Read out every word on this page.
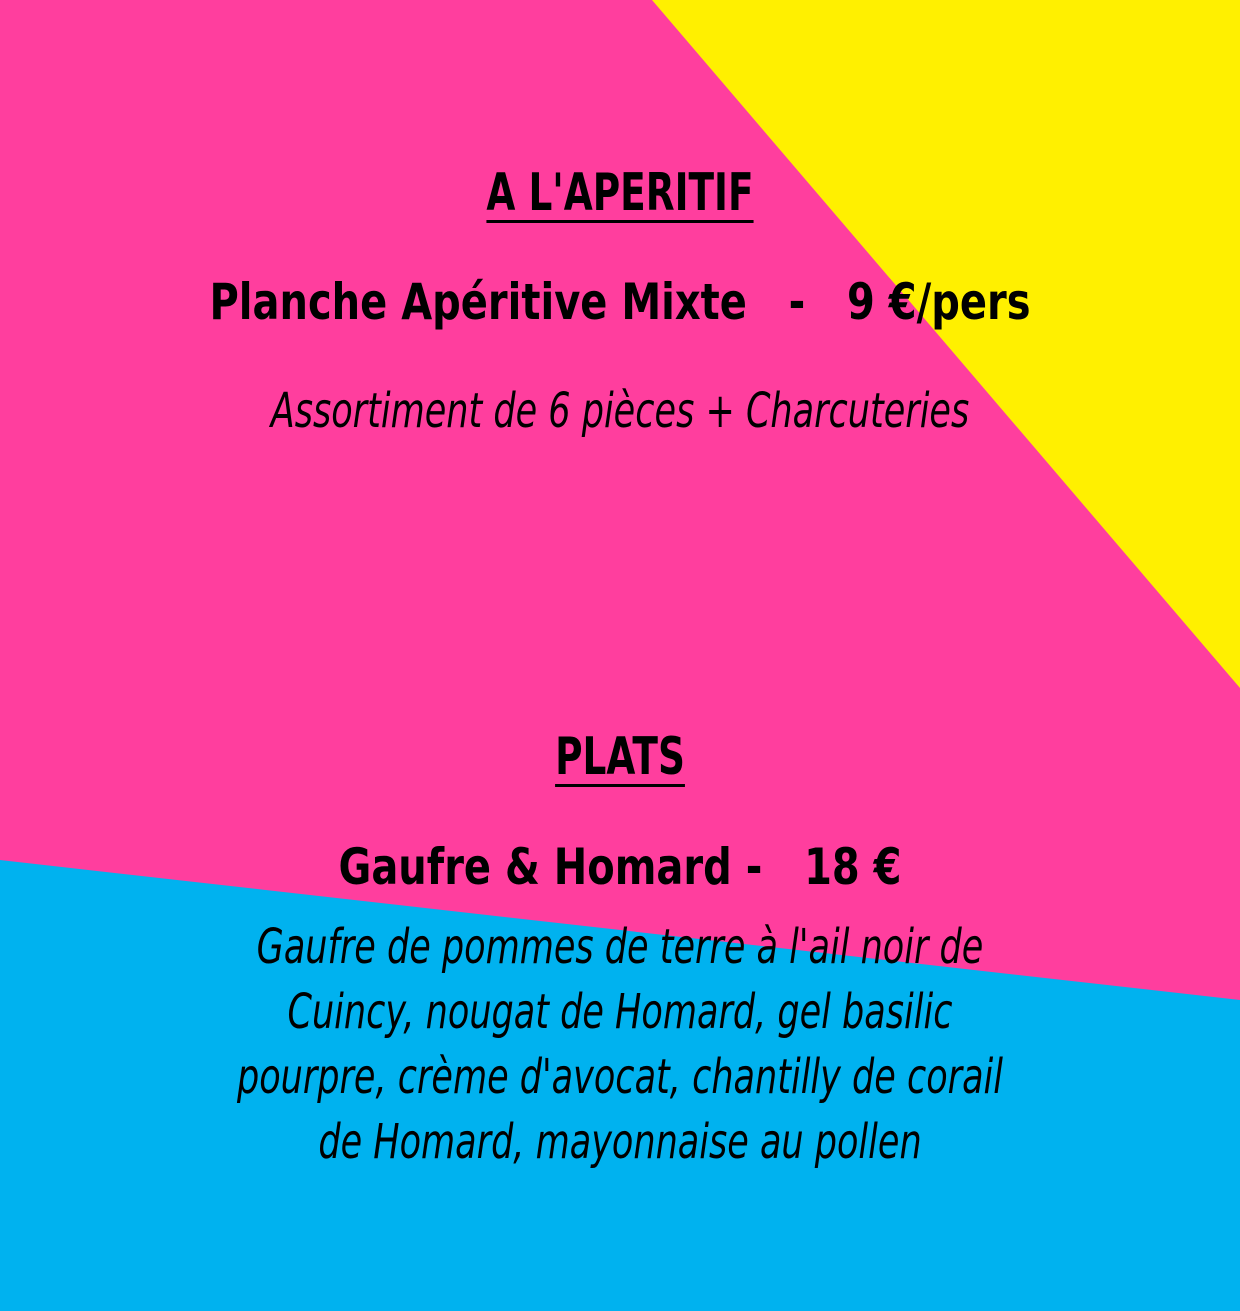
A L'APERITIF
Planche Apéritive Mixte   -   9 €/pers
Assortiment de 6 pièces + Charcuteries
PLATS
Gaufre & Homard -   18 €
Gaufre de pommes de terre à l'ail noir de
Cuincy, nougat de Homard, gel basilic
pourpre, crème d'avocat, chantilly de corail
de Homard, mayonnaise au pollen
